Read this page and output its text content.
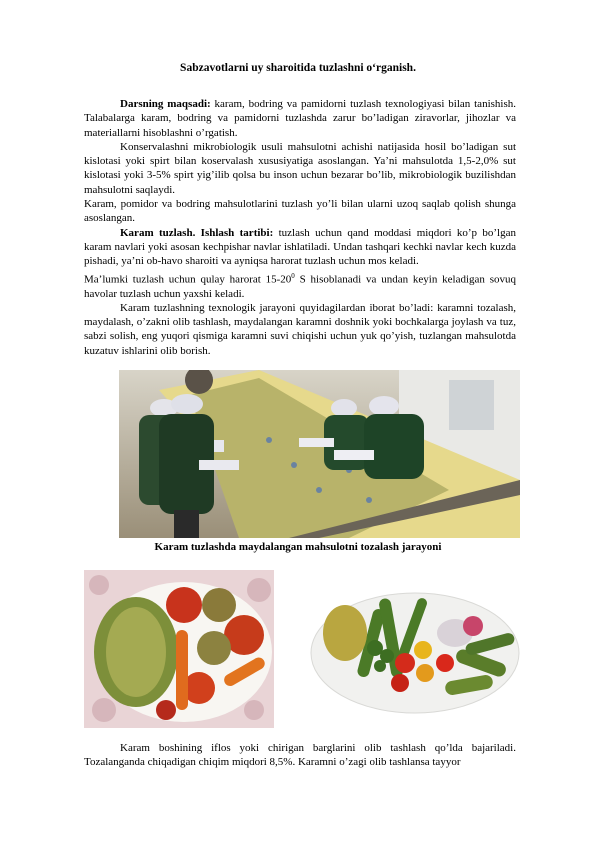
Sabzavotlarni uy sharoitida tuzlashni o‘rganish.

Darsning maqsadi: karam, bodring va pamidorni tuzlash texnologiyasi bilan tanishish. Talabalarga karam, bodring va pamidorni tuzlashda zarur bo’ladigan ziravorlar, jihozlar va materiallarni hisoblashni o’rgatish.

Konservalashni mikrobiologik usuli mahsulotni achishi natijasida hosil bo’ladigan sut kislotasi yoki spirt bilan koservalash xususiyatiga asoslangan. Ya’ni mahsulotda 1,5-2,0% sut kislotasi yoki 3-5% spirt yig’ilib qolsa bu inson uchun bezarar bo’lib, mikrobiologik buzilishdan mahsulotni saqlaydi.

Karam, pomidor va bodring mahsulotlarini tuzlash yo’li bilan ularni uzoq saqlab qolish shunga asoslangan.

Karam tuzlash. Ishlash tartibi: tuzlash uchun qand moddasi miqdori ko’p bo’lgan karam navlari yoki asosan kechpishar navlar ishlatiladi. Undan tashqari kechki navlar kech kuzda pishadi, ya’ni ob-havo sharoiti va ayniqsa harorat tuzlash uchun mos keladi.

Ma’lumki tuzlash uchun qulay harorat $15-20^0$ S hisoblanadi va undan keyin keladigan sovuq havolar tuzlash uchun yaxshi keladi.

Karam tuzlashning texnologik jarayoni quyidagilardan iborat bo’ladi: karamni tozalash, maydalash, o’zakni olib tashlash, maydalangan karamni doshnik yoki bochkalarga joylash va tuz, sabzi solish, eng yuqori qismiga karamni suvi chiqishi uchun yuk qo’yish, tuzlangan mahsulotda kuzatuv ishlarini olib borish.

Karam tuzlashda maydalangan mahsulotni tozalash jarayoni

Karam boshining iflos yoki chirigan barglarini olib tashlash qo’lda bajariladi. Tozalanganda chiqadigan chiqim miqdori 8,5%. Karamni o’zagi olib tashlansa tayyor
